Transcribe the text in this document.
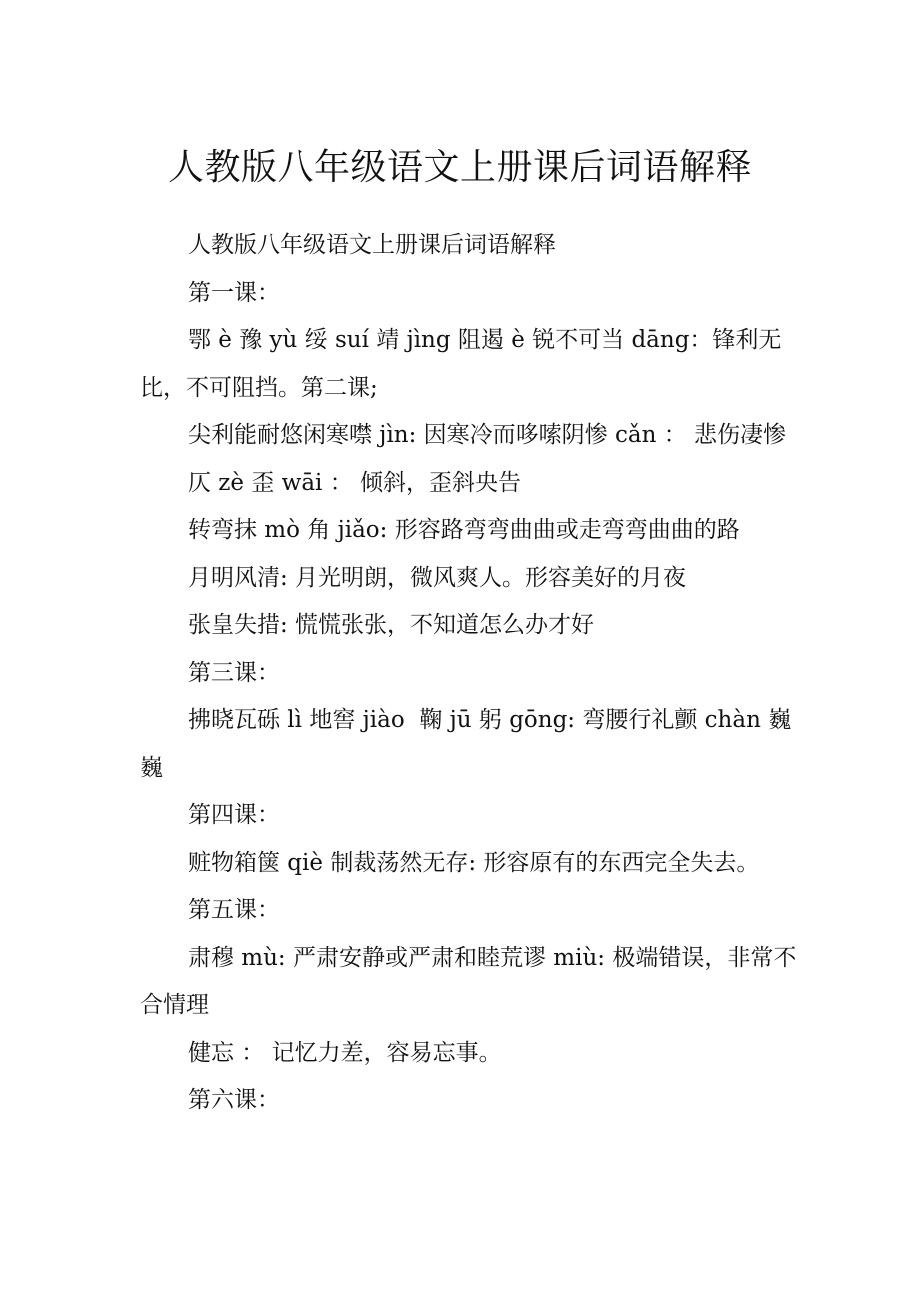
人教版八年级语文上册课后词语解释

人教版八年级语文上册课后词语解释

第一课：

鄂 è 豫 yù 绥 suí 靖 jìng 阻遏 è 锐不可当 dāng：锋利无比，不可阻挡。第二课;

尖利能耐悠闲寒噤 jìn: 因寒冷而哆嗦阴惨 cǎn ： 悲伤凄惨

仄 zè 歪 wāi ： 倾斜，歪斜央告

转弯抹 mò 角 jiǎo: 形容路弯弯曲曲或走弯弯曲曲的路

月明风清: 月光明朗，微风爽人。形容美好的月夜

张皇失措: 慌慌张张，不知道怎么办才好

第三课：

拂晓瓦砾 lì 地窖 jiào  鞠 jū 躬 gōng: 弯腰行礼颤 chàn 巍巍

第四课：

赃物箱箧 qiè 制裁荡然无存: 形容原有的东西完全失去。

第五课：

肃穆 mù: 严肃安静或严肃和睦荒谬 miù: 极端错误，非常不合情理

健忘 ： 记忆力差，容易忘事。

第六课：
